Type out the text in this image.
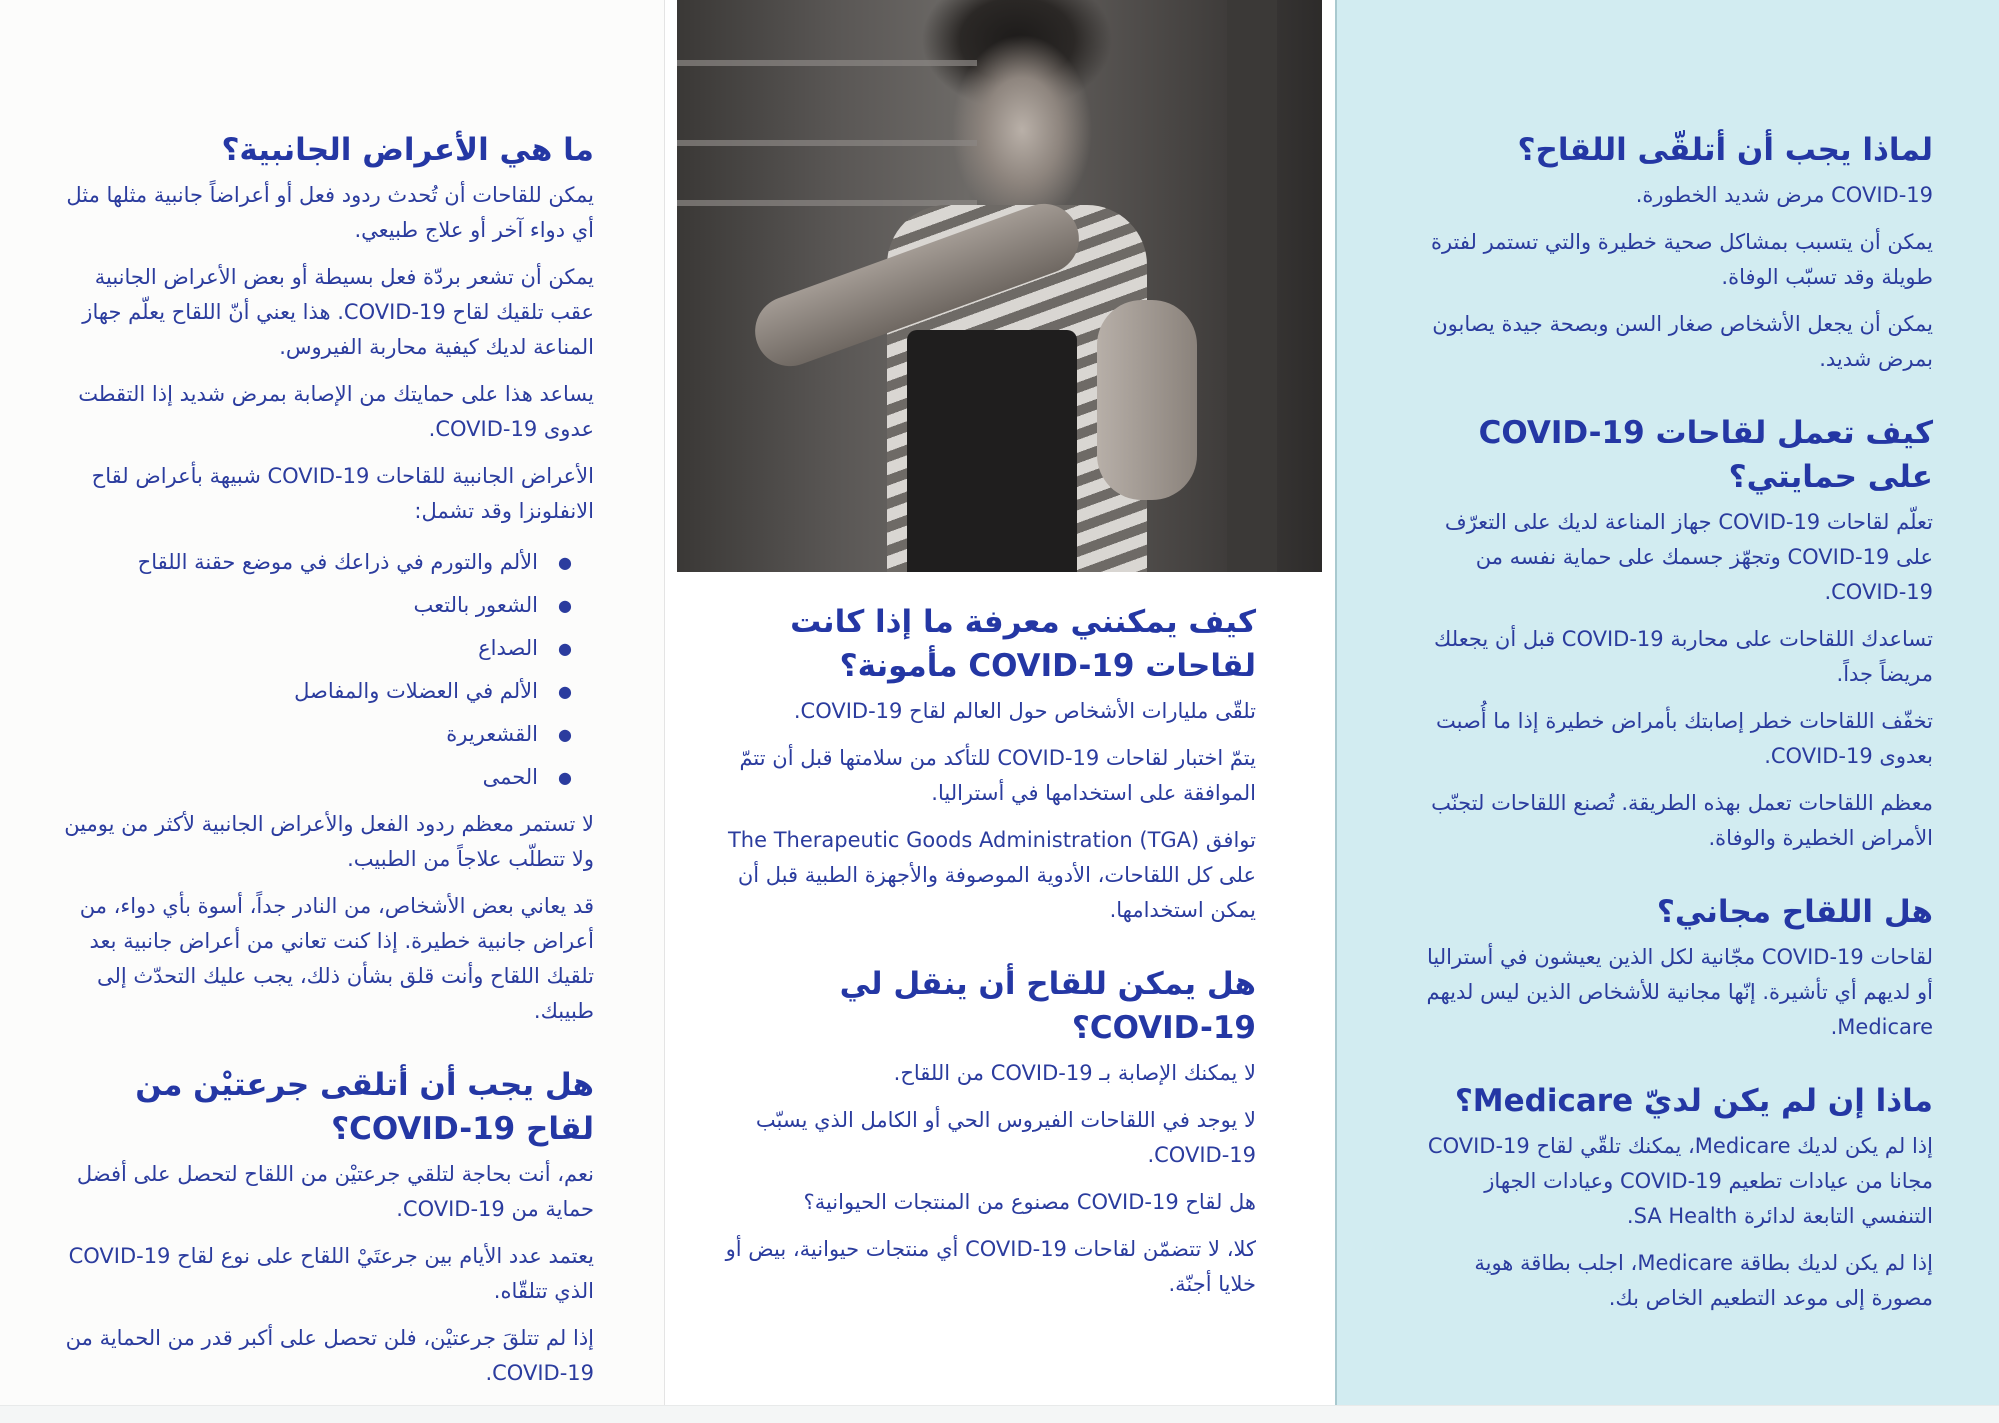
ما هي الأعراض الجانبية؟

يمكن للقاحات أن تُحدث ردود فعل أو أعراضاً جانبية مثلها مثل أي دواء آخر أو علاج طبيعي.

يمكن أن تشعر بردّة فعل بسيطة أو بعض الأعراض الجانبية عقب تلقيك لقاح COVID-19. هذا يعني أنّ اللقاح يعلّم جهاز المناعة لديك كيفية محاربة الفيروس.

يساعد هذا على حمايتك من الإصابة بمرض شديد إذا التقطت عدوى COVID-19.

الأعراض الجانبية للقاحات COVID-19 شبيهة بأعراض لقاح الانفلونزا وقد تشمل:

●
الألم والتورم في ذراعك في موضع حقنة اللقاح
●
الشعور بالتعب
●
الصداع
●
الألم في العضلات والمفاصل
●
القشعريرة
●
الحمى

لا تستمر معظم ردود الفعل والأعراض الجانبية لأكثر من يومين ولا تتطلّب علاجاً من الطبيب.

قد يعاني بعض الأشخاص، من النادر جداً، أسوة بأي دواء، من أعراض جانبية خطيرة. إذا كنت تعاني من أعراض جانبية بعد تلقيك اللقاح وأنت قلق بشأن ذلك، يجب عليك التحدّث إلى طبيبك.

هل يجب أن أتلقى جرعتيْن من لقاح COVID-19؟

نعم، أنت بحاجة لتلقي جرعتيْن من اللقاح لتحصل على أفضل حماية من COVID-19.

يعتمد عدد الأيام بين جرعتَيْ اللقاح على نوع لقاح COVID-19 الذي تتلقّاه.

إذا لم تتلقَ جرعتيْن، فلن تحصل على أكبر قدر من الحماية من COVID-19.

كيف يمكنني معرفة ما إذا كانت لقاحات COVID-19 مأمونة؟

تلقّى مليارات الأشخاص حول العالم لقاح COVID-19.

يتمّ اختبار لقاحات COVID-19 للتأكد من سلامتها قبل أن تتمّ الموافقة على استخدامها في أستراليا.

توافق The Therapeutic Goods Administration (TGA) على كل اللقاحات، الأدوية الموصوفة والأجهزة الطبية قبل أن يمكن استخدامها.

هل يمكن للقاح أن ينقل لي COVID-19؟

لا يمكنك الإصابة بـ COVID-19 من اللقاح.

لا يوجد في اللقاحات الفيروس الحي أو الكامل الذي يسبّب COVID-19.

هل لقاح COVID-19 مصنوع من المنتجات الحيوانية؟

كلا، لا تتضمّن لقاحات COVID-19 أي منتجات حيوانية، بيض أو خلايا أجنّة.

لماذا يجب أن أتلقّى اللقاح؟

COVID-19 مرض شديد الخطورة.

يمكن أن يتسبب بمشاكل صحية خطيرة والتي تستمر لفترة طويلة وقد تسبّب الوفاة.

يمكن أن يجعل الأشخاص صغار السن وبصحة جيدة يصابون بمرض شديد.

كيف تعمل لقاحات COVID-19 على حمايتي؟

تعلّم لقاحات COVID-19 جهاز المناعة لديك على التعرّف على COVID-19 وتجهّز جسمك على حماية نفسه من COVID-19.

تساعدك اللقاحات على محاربة COVID-19 قبل أن يجعلك مريضاً جداً.

تخفّف اللقاحات خطر إصابتك بأمراض خطيرة إذا ما أُصبت بعدوى COVID-19.

معظم اللقاحات تعمل بهذه الطريقة. تُصنع اللقاحات لتجنّب الأمراض الخطيرة والوفاة.

هل اللقاح مجاني؟

لقاحات COVID-19 مجّانية لكل الذين يعيشون في أستراليا أو لديهم أي تأشيرة. إنّها مجانية للأشخاص الذين ليس لديهم Medicare.

ماذا إن لم يكن لديّ Medicare؟

إذا لم يكن لديك Medicare، يمكنك تلقّي لقاح COVID-19 مجانا من عيادات تطعيم COVID-19 وعيادات الجهاز التنفسي التابعة لدائرة SA Health.

إذا لم يكن لديك بطاقة Medicare، اجلب بطاقة هوية مصورة إلى موعد التطعيم الخاص بك.
